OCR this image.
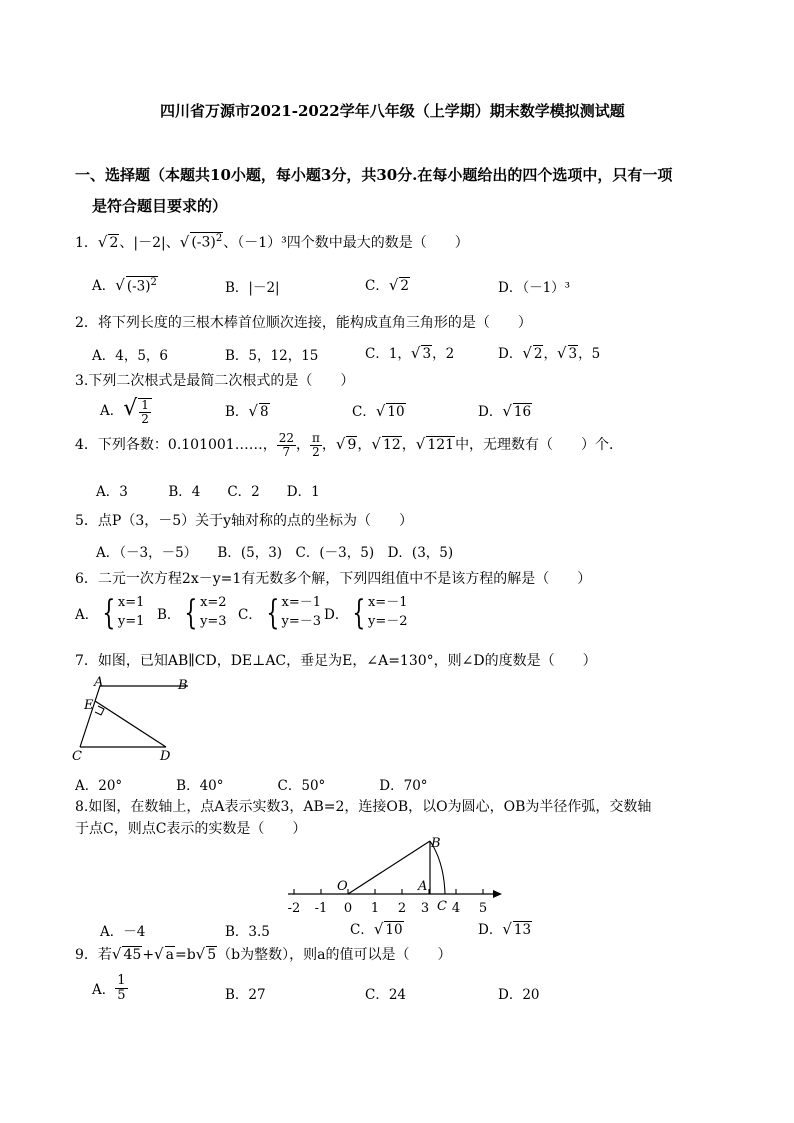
四川省万源市2021-2022学年八年级（上学期）期末数学模拟测试题
一、选择题（本题共10小题，每小题3分，共30分.在每小题给出的四个选项中，只有一项
是符合题目要求的）
1．√ 2、|－2|、√ $(-3)^2$、（－1）³四个数中最大的数是（　　）
A．√ $(-3)^2$	B．|－2|	C．√ 2	D．（－1）³
2．将下列长度的三根木棒首位顺次连接，能构成直角三角形的是（　　）
A．4，5，6	B．5，12，15	C．1，√ 3，2	D．√ 2，√ 3，5
3.下列二次根式是最简二次根式的是（　　）
A．√ $\frac{1}{2}$	B．√ 8	C．√ 10	D．√ 16
4．下列各数：0.101001……， $\frac{22}{7}$ ， $\frac{\pi}{2}$ ，√ 9，√ 12，√ 121中，无理数有（　　）个．
A．3　　　B．4　　C．2　　D．1
5．点P（3，－5）关于y轴对称的点的坐标为（　　）
A．（－3，－5）　　B．(5，3)　C．(－3，5)　D．(3，5)
6．二元一次方程2x－y=1有无数多个解，下列四组值中不是该方程的解是（　　）
A． { x=1
y=1 B． { x=2
y=3 C． { x=－1
y=－3 D． { x=－1
y=－2
7．如图，已知AB∥CD，DE⊥AC，垂足为E，∠A=130°，则∠D的度数是（　　）
A	B
E
C	D
A．20°　　　　B．40°　　　　C．50°　　　　D．70°
8.如图，在数轴上，点A表示实数3，AB=2，连接OB，以O为圆心，OB为半径作弧，交数轴
于点C，则点C表示的实数是（　　）
-2 -1 0 1 2 3 4 5
O	A
B
C
A．－4	B．3.5	C．√ 10	D．√ 13
9．若√ 45+√ a=b√ 5（b为整数），则a的值可以是（　　）
A． $\frac{1}{5}$	B．27	C．24	D．20
